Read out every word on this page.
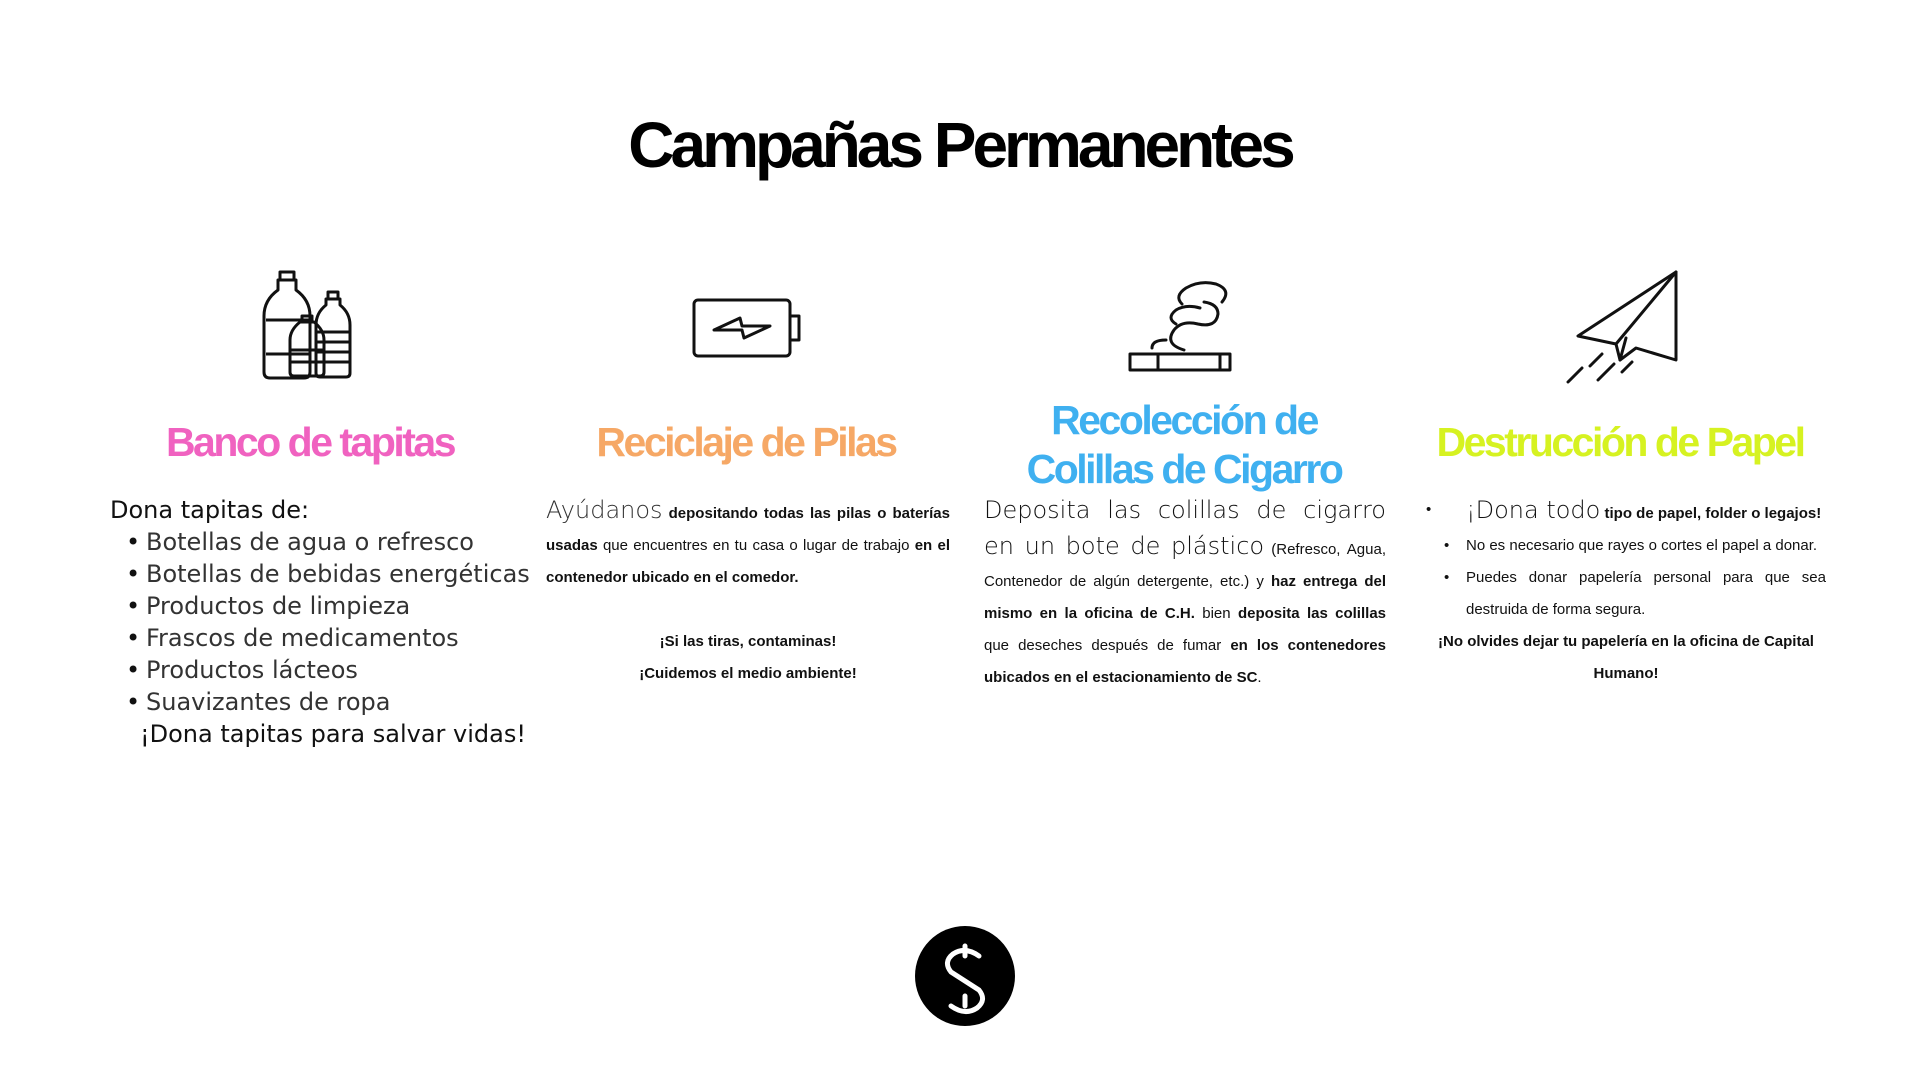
Campañas Permanentes
Banco de tapitas
Dona tapitas de:
• Botellas de agua o refresco
• Botellas de bebidas energéticas
• Productos de limpieza
• Frascos de medicamentos
• Productos lácteos
• Suavizantes de ropa
¡Dona tapitas para salvar vidas!
Reciclaje de Pilas
Ayúdanos depositando todas las pilas o baterías usadas que encuentres en tu casa o lugar de trabajo en el contenedor ubicado en el comedor.
¡Si las tiras, contaminas!
¡Cuidemos el medio ambiente!
Recolección de
Colillas de Cigarro
Deposita las colillas de cigarro en un bote de plástico (Refresco, Agua, Contenedor de algún detergente, etc.) y haz entrega del mismo en la oficina de C.H. bien deposita las colillas que deseches después de fumar en los contenedores ubicados en el estacionamiento de SC.
Destrucción de Papel
• ¡Dona todo tipo de papel, folder o legajos!
• No es necesario que rayes o cortes el papel a donar.
• Puedes donar papelería personal para que sea destruida de forma segura.
¡No olvides dejar tu papelería en la oficina de Capital Humano!
